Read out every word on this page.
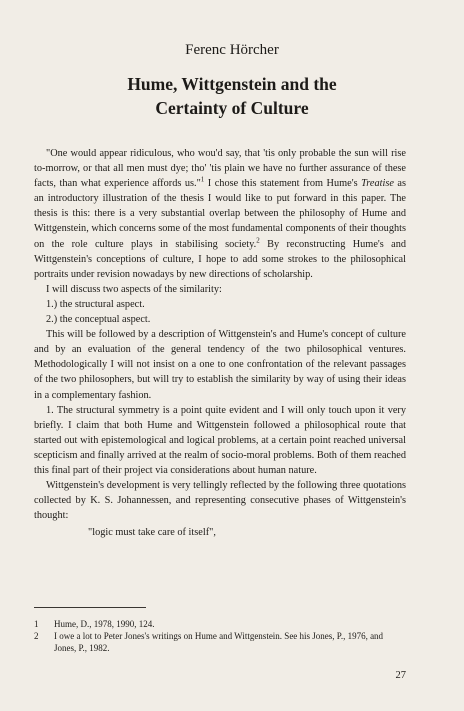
Ferenc Hörcher
Hume, Wittgenstein and the
Certainty of Culture

"One would appear ridiculous, who wou'd say, that 'tis only probable the sun will rise to-morrow, or that all men must dye; tho' 'tis plain we have no further assurance of these facts, than what experience affords us."$^1$ I chose this statement from Hume's Treatise as an introductory illustration of the thesis I would like to put forward in this paper. The thesis is this: there is a very substantial overlap between the philosophy of Hume and Wittgenstein, which concerns some of the most fundamental components of their thoughts on the role culture plays in stabilising society.$^2$ By reconstructing Hume's and Wittgenstein's conceptions of culture, I hope to add some strokes to the philosophical portraits under revision nowadays by new directions of scholarship.

I will discuss two aspects of the similarity:

1.) the structural aspect.

2.) the conceptual aspect.

This will be followed by a description of Wittgenstein's and Hume's concept of culture and by an evaluation of the general tendency of the two philosophical ventures. Methodologically I will not insist on a one to one confrontation of the relevant passages of the two philosophers, but will try to establish the similarity by way of using their ideas in a complementary fashion.

1. The structural symmetry is a point quite evident and I will only touch upon it very briefly. I claim that both Hume and Wittgenstein followed a philosophical route that started out with epistemological and logical problems, at a certain point reached universal scepticism and finally arrived at the realm of socio-moral problems. Both of them reached this final part of their project via considerations about human nature.

Wittgenstein's development is very tellingly reflected by the following three quotations collected by K. S. Johannessen, and representing consecutive phases of Wittgenstein's thought:

"logic must take care of itself",

1	Hume, D., 1978, 1990, 124.
2	I owe a lot to Peter Jones's writings on Hume and Wittgenstein. See his Jones, P., 1976, and Jones, P., 1982.
27
